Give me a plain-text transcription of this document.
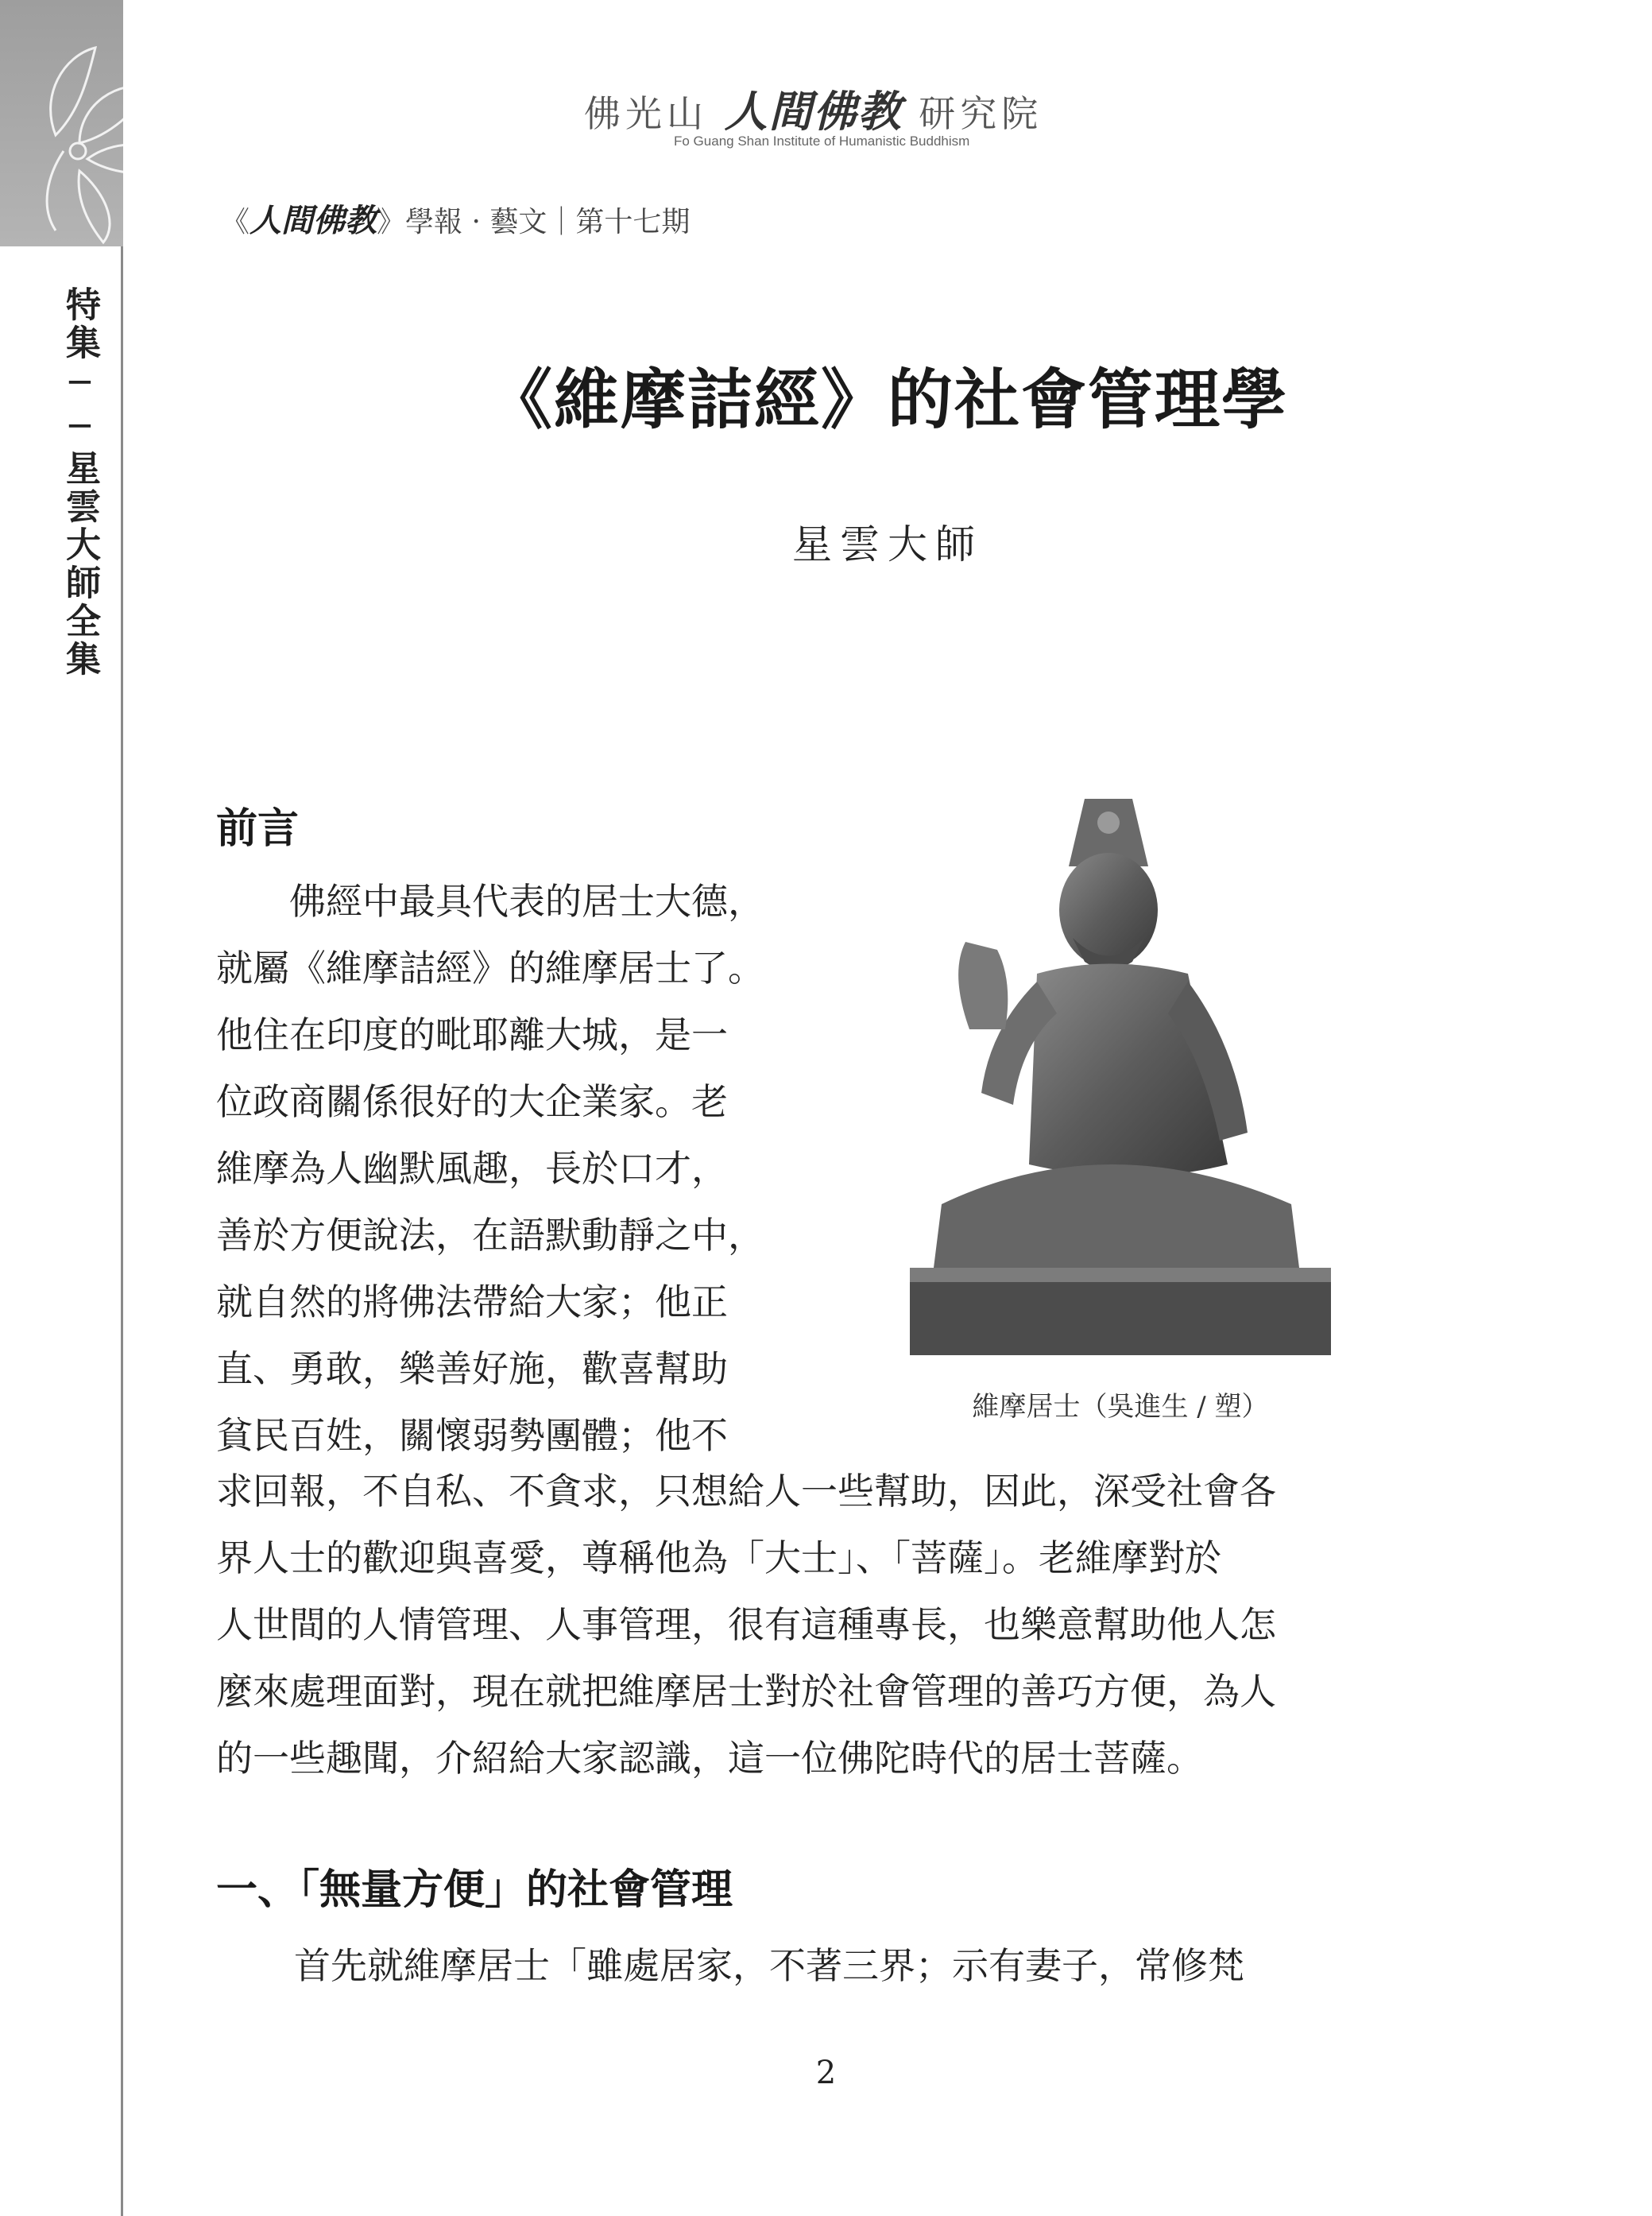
特集──星雲大師全集
佛光山 人間佛教 研究院
Fo Guang Shan Institute of Humanistic Buddhism
《人間佛教》學報 · 藝文｜第十七期
《維摩詰經》的社會管理學
星雲大師
前言
　　佛經中最具代表的居士大德，
就屬《維摩詰經》的維摩居士了。
他住在印度的毗耶離大城，是一
位政商關係很好的大企業家。老
維摩為人幽默風趣，長於口才，
善於方便說法，在語默動靜之中，
就自然的將佛法帶給大家；他正
直、勇敢，樂善好施，歡喜幫助
貧民百姓，關懷弱勢團體；他不
維摩居士（吳進生 / 塑）
求回報，不自私、不貪求，只想給人一些幫助，因此，深受社會各
界人士的歡迎與喜愛，尊稱他為「大士」、「菩薩」。老維摩對於
人世間的人情管理、人事管理，很有這種專長，也樂意幫助他人怎
麼來處理面對，現在就把維摩居士對於社會管理的善巧方便，為人
的一些趣聞，介紹給大家認識，這一位佛陀時代的居士菩薩。
一、「無量方便」的社會管理
首先就維摩居士「雖處居家，不著三界；示有妻子，常修梵
2
